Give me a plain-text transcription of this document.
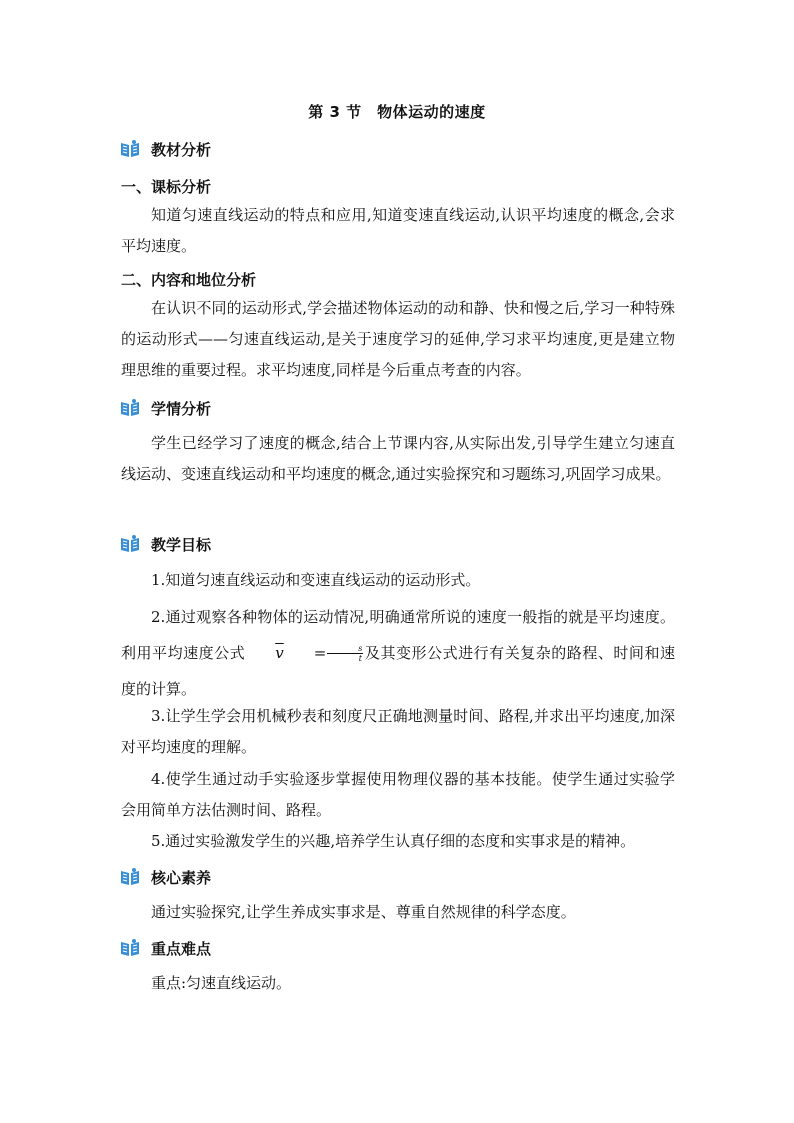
第 3 节　物体运动的速度
教材分析
一、课标分析
知道匀速直线运动的特点和应用,知道变速直线运动,认识平均速度的概念,会求平均速度。
二、内容和地位分析
在认识不同的运动形式,学会描述物体运动的动和静、快和慢之后,学习一种特殊的运动形式——匀速直线运动,是关于速度学习的延伸,学习求平均速度,更是建立物理思维的重要过程。求平均速度,同样是今后重点考查的内容。
学情分析
学生已经学习了速度的概念,结合上节课内容,从实际出发,引导学生建立匀速直线运动、变速直线运动和平均速度的概念,通过实验探究和习题练习,巩固学习成果。
教学目标
1.知道匀速直线运动和变速直线运动的运动形式。
2.通过观察各种物体的运动情况,明确通常所说的速度一般指的就是平均速度。利用平均速度公式	$\overline{v}$	= $\frac{s}{t}$ 及其变形公式进行有关复杂的路程、时间和速度的计算。
3.让学生学会用机械秒表和刻度尺正确地测量时间、路程,并求出平均速度,加深对平均速度的理解。
4.使学生通过动手实验逐步掌握使用物理仪器的基本技能。使学生通过实验学会用简单方法估测时间、路程。
5.通过实验激发学生的兴趣,培养学生认真仔细的态度和实事求是的精神。
核心素养
通过实验探究,让学生养成实事求是、尊重自然规律的科学态度。
重点难点
重点:匀速直线运动。
